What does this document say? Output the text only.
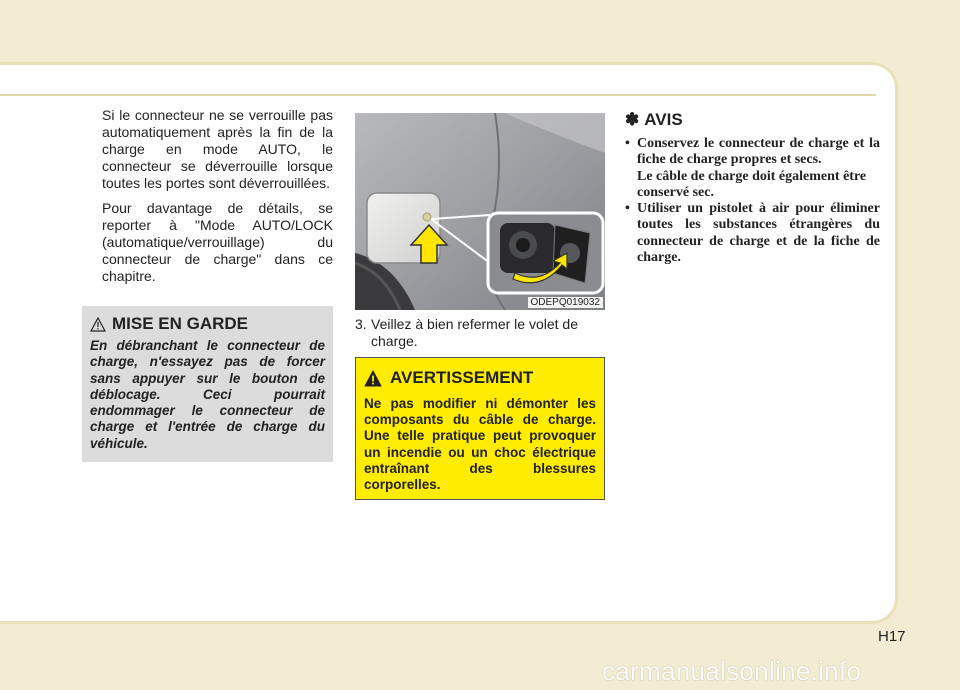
Si le connecteur ne se verrouille pas automatiquement après la fin de la charge en mode AUTO, le connecteur se déverrouille lorsque toutes les portes sont déverrouillées.

Pour davantage de détails, se reporter à "Mode AUTO/LOCK (automatique/verrouillage) du connecteur de charge" dans ce chapitre.

MISE EN GARDE

En débranchant le connecteur de charge, n'essayez pas de forcer sans appuyer sur le bouton de déblocage. Ceci pourrait endommager le connecteur de charge et l'entrée de charge du véhicule.

ODEPQ019032
3. Veillez à bien refermer le volet de
charge.
AVERTISSEMENT

Ne pas modifier ni démonter les composants du câble de charge. Une telle pratique peut provoquer un incendie ou un choc électrique entraînant des blessures corporelles.

✽ AVIS
• Conservez le connecteur de charge et la fiche de charge propres et secs.
Le câble de charge doit également être conservé sec.
• Utiliser un pistolet à air pour éliminer toutes les substances étrangères du connecteur de charge et de la fiche de charge.
H17
carmanualsonline.info
